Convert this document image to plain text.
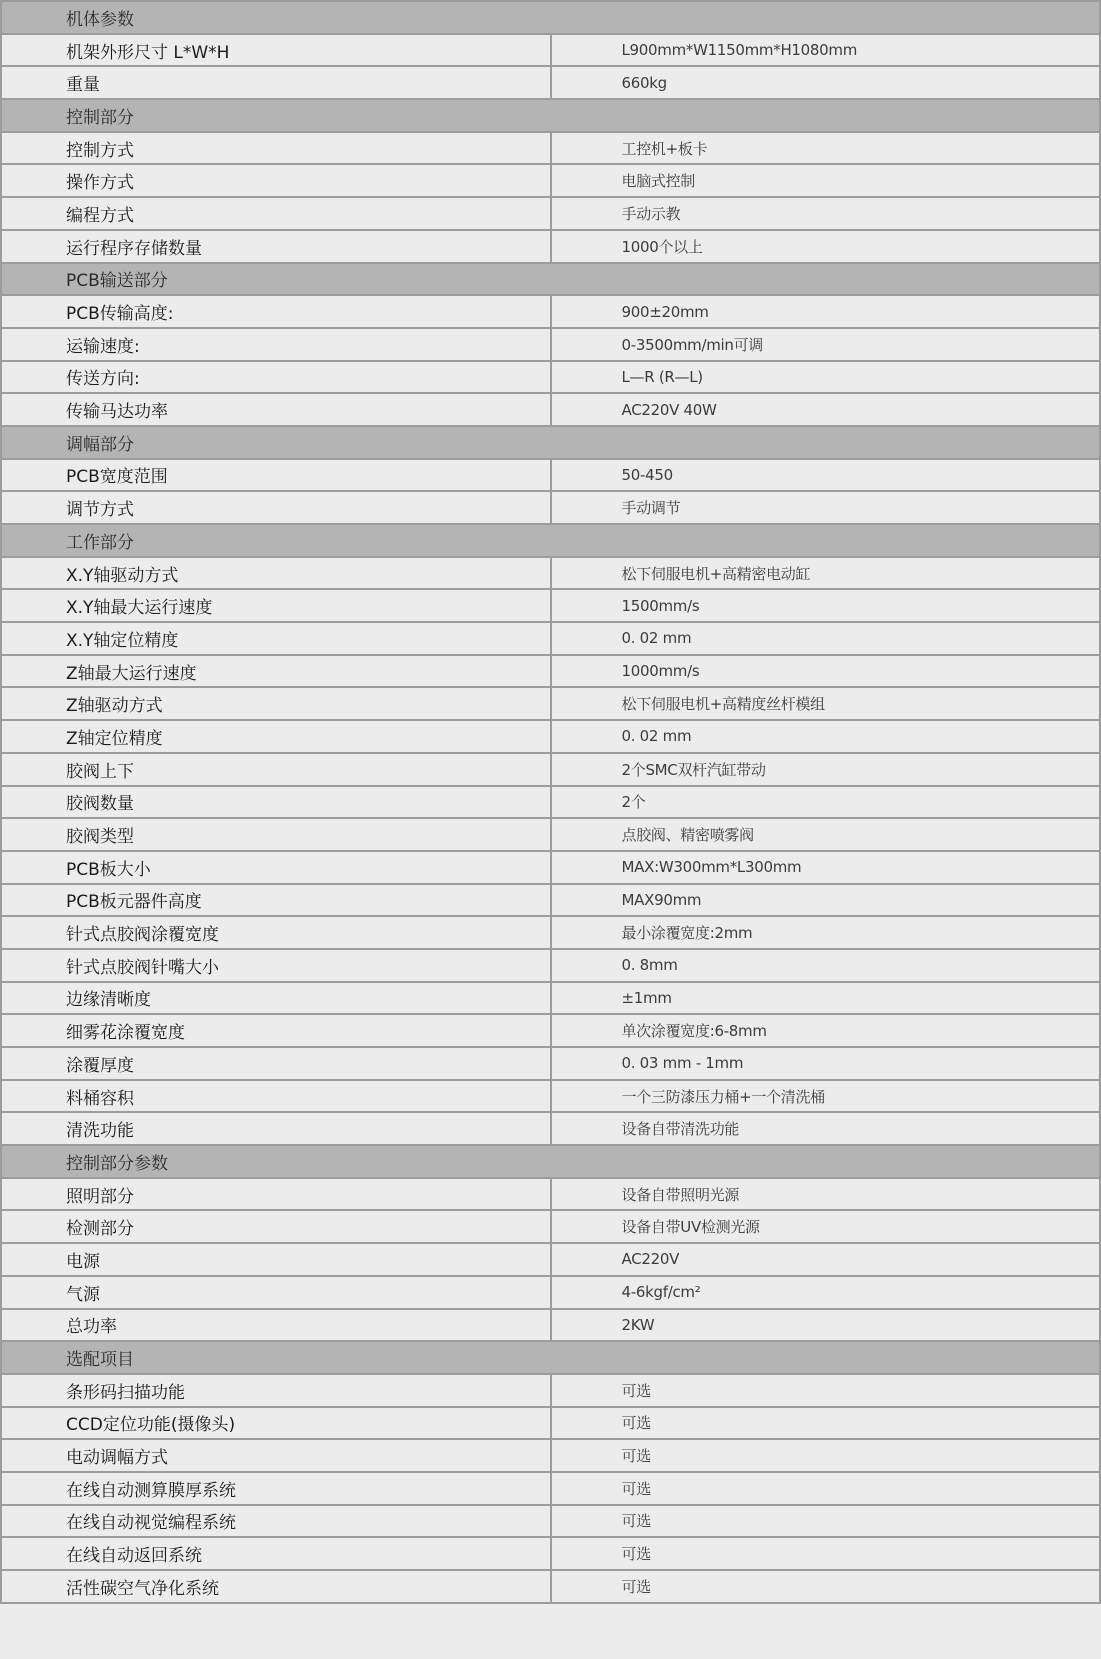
机体参数	
机架外形尺寸 L*W*H	L900mm*W1150mm*H1080mm
重量	660kg
控制部分	
控制方式	工控机+板卡
操作方式	电脑式控制
编程方式	手动示教
运行程序存储数量	1000个以上
PCB输送部分	
PCB传输高度:	900±20mm
运输速度:	0-3500mm/min可调
传送方向:	L—R (R—L)
传输马达功率	AC220V 40W
调幅部分	
PCB宽度范围	50-450
调节方式	手动调节
工作部分	
X.Y轴驱动方式	松下伺服电机+高精密电动缸
X.Y轴最大运行速度	1500mm/s
X.Y轴定位精度	0. 02 mm
Z轴最大运行速度	1000mm/s
Z轴驱动方式	松下伺服电机+高精度丝杆模组
Z轴定位精度	0. 02 mm
胶阀上下	2个SMC双杆汽缸带动
胶阀数量	2个
胶阀类型	点胶阀、精密喷雾阀
PCB板大小	MAX:W300mm*L300mm
PCB板元器件高度	MAX90mm
针式点胶阀涂覆宽度	最小涂覆宽度:2mm
针式点胶阀针嘴大小	0. 8mm
边缘清晰度	±1mm
细雾花涂覆宽度	单次涂覆宽度:6-8mm
涂覆厚度	0. 03 mm - 1mm
料桶容积	一个三防漆压力桶+一个清洗桶
清洗功能	设备自带清洗功能
控制部分参数	
照明部分	设备自带照明光源
检测部分	设备自带UV检测光源
电源	AC220V
气源	4-6kgf/cm²
总功率	2KW
选配项目	
条形码扫描功能	可选
CCD定位功能(摄像头)	可选
电动调幅方式	可选
在线自动测算膜厚系统	可选
在线自动视觉编程系统	可选
在线自动返回系统	可选
活性碳空气净化系统	可选
